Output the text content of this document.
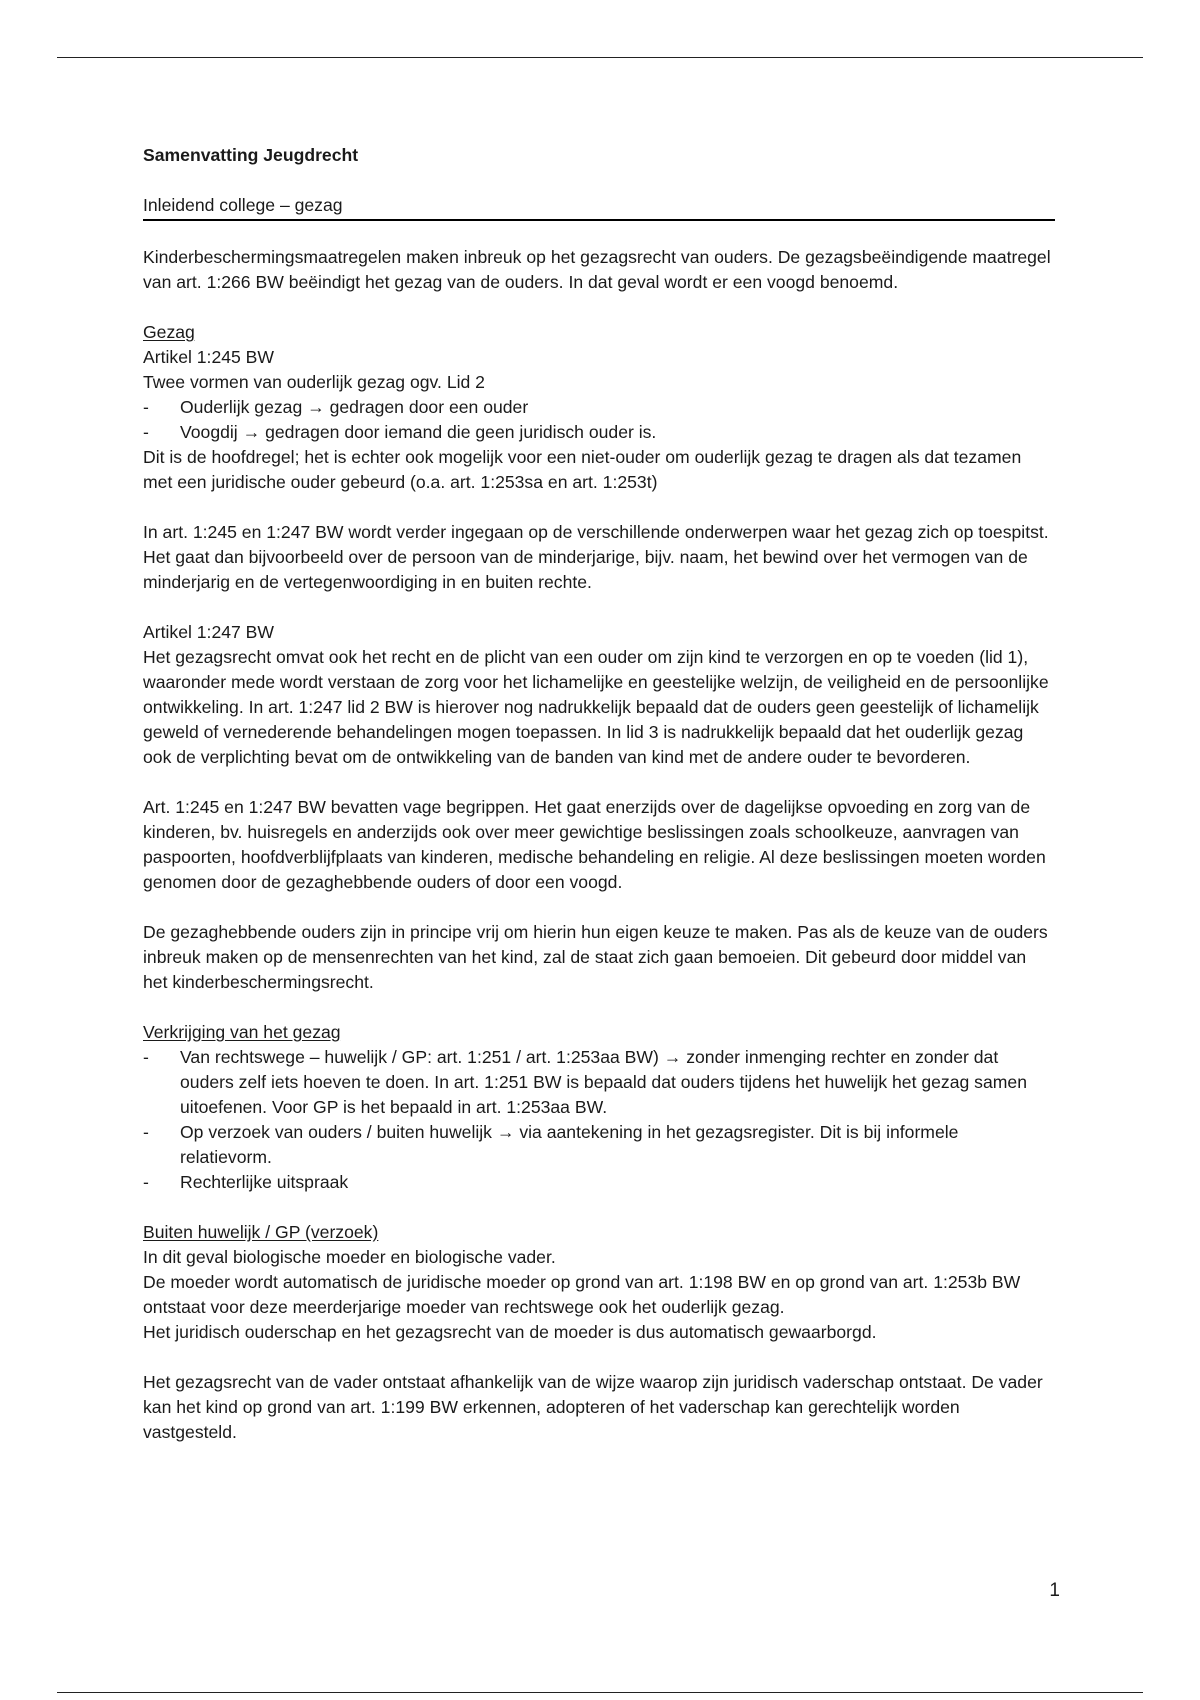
Samenvatting Jeugdrecht

Inleidend college – gezag

Kinderbeschermingsmaatregelen maken inbreuk op het gezagsrecht van ouders. De gezagsbeëindigende maatregel van art. 1:266 BW beëindigt het gezag van de ouders. In dat geval wordt er een voogd benoemd.

Gezag

Artikel 1:245 BW

Twee vormen van ouderlijk gezag ogv. Lid 2

-	Ouderlijk gezag → gedragen door een ouder
-	Voogdij → gedragen door iemand die geen juridisch ouder is.

Dit is de hoofdregel; het is echter ook mogelijk voor een niet-ouder om ouderlijk gezag te dragen als dat tezamen met een juridische ouder gebeurd (o.a. art. 1:253sa en art. 1:253t)

In art. 1:245 en 1:247 BW wordt verder ingegaan op de verschillende onderwerpen waar het gezag zich op toespitst. Het gaat dan bijvoorbeeld over de persoon van de minderjarige, bijv. naam, het bewind over het vermogen van de minderjarig en de vertegenwoordiging in en buiten rechte.

Artikel 1:247 BW

Het gezagsrecht omvat ook het recht en de plicht van een ouder om zijn kind te verzorgen en op te voeden (lid 1), waaronder mede wordt verstaan de zorg voor het lichamelijke en geestelijke welzijn, de veiligheid en de persoonlijke ontwikkeling. In art. 1:247 lid 2 BW is hierover nog nadrukkelijk bepaald dat de ouders geen geestelijk of lichamelijk geweld of vernederende behandelingen mogen toepassen. In lid 3 is nadrukkelijk bepaald dat het ouderlijk gezag ook de verplichting bevat om de ontwikkeling van de banden van kind met de andere ouder te bevorderen.

Art. 1:245 en 1:247 BW bevatten vage begrippen. Het gaat enerzijds over de dagelijkse opvoeding en zorg van de kinderen, bv. huisregels en anderzijds ook over meer gewichtige beslissingen zoals schoolkeuze, aanvragen van paspoorten, hoofdverblijfplaats van kinderen, medische behandeling en religie. Al deze beslissingen moeten worden genomen door de gezaghebbende ouders of door een voogd.

De gezaghebbende ouders zijn in principe vrij om hierin hun eigen keuze te maken. Pas als de keuze van de ouders inbreuk maken op de mensenrechten van het kind, zal de staat zich gaan bemoeien. Dit gebeurd door middel van het kinderbeschermingsrecht.

Verkrijging van het gezag

-	Van rechtswege – huwelijk / GP: art. 1:251 / art. 1:253aa BW) → zonder inmenging rechter en zonder dat ouders zelf iets hoeven te doen. In art. 1:251 BW is bepaald dat ouders tijdens het huwelijk het gezag samen uitoefenen. Voor GP is het bepaald in art. 1:253aa BW.
-	Op verzoek van ouders / buiten huwelijk → via aantekening in het gezagsregister. Dit is bij informele relatievorm.
-	Rechterlijke uitspraak

Buiten huwelijk / GP (verzoek)

In dit geval biologische moeder en biologische vader.

De moeder wordt automatisch de juridische moeder op grond van art. 1:198 BW en op grond van art. 1:253b BW ontstaat voor deze meerderjarige moeder van rechtswege ook het ouderlijk gezag.

Het juridisch ouderschap en het gezagsrecht van de moeder is dus automatisch gewaarborgd.

Het gezagsrecht van de vader ontstaat afhankelijk van de wijze waarop zijn juridisch vaderschap ontstaat. De vader kan het kind op grond van art. 1:199 BW erkennen, adopteren of het vaderschap kan gerechtelijk worden vastgesteld.

1
